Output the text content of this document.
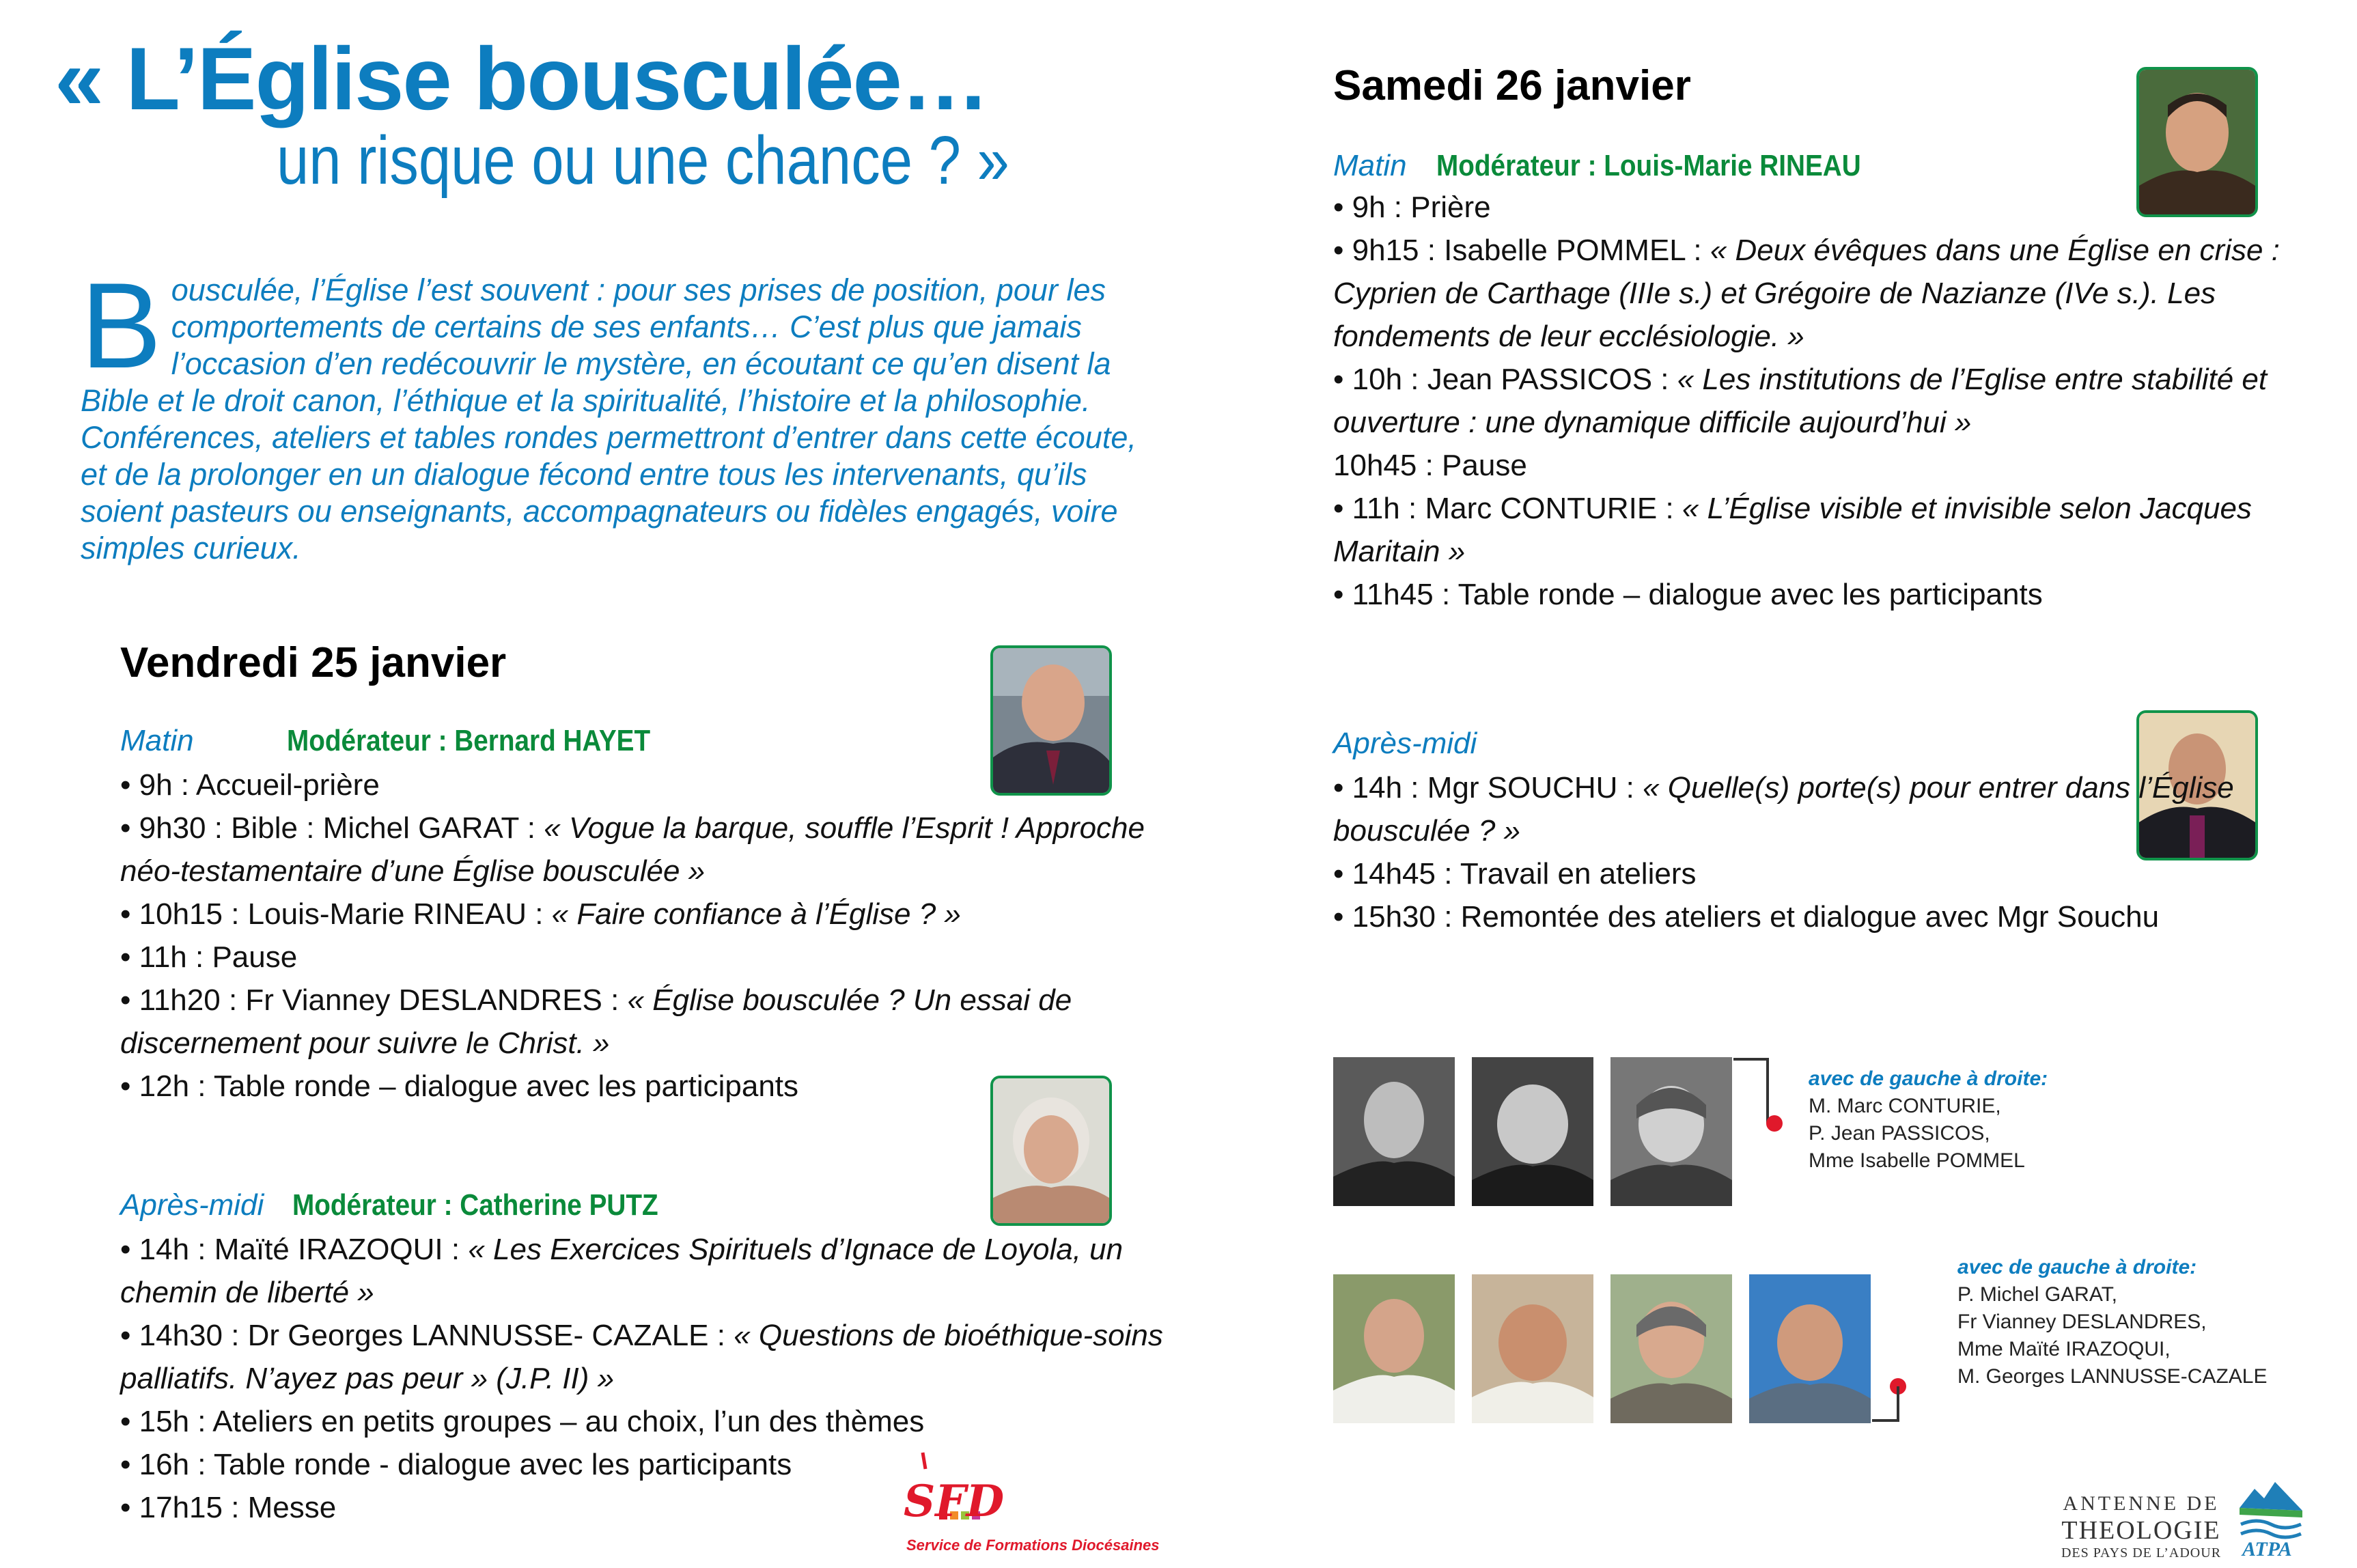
« L’Église bousculée…
un risque ou une chance ? »
B ousculée, l’Église l’est souvent : pour ses prises de position, pour les comportements de certains de ses enfants… C’est plus que jamais l’occasion d’en redécouvrir le mystère, en écoutant ce qu’en disent la Bible et le droit canon, l’éthique et la spiritualité, l’histoire et la philosophie. Conférences, ateliers et tables rondes permettront d’entrer dans cette écoute, et de la prolonger en un dialogue fécond entre tous les intervenants, qu’ils soient pasteurs ou enseignants, accompagnateurs ou fidèles engagés, voire simples curieux.
Vendredi 25 janvier
Matin	Modérateur : Bernard HAYET
• 9h : Accueil-prière
• 9h30 : Bible : Michel GARAT : « Vogue la barque, souffle l’Esprit ! Approche néo-testamentaire d’une Église bousculée »
• 10h15 : Louis-Marie RINEAU : « Faire confiance à l’Église ? »
• 11h : Pause
• 11h20 : Fr Vianney DESLANDRES : « Église bousculée ? Un essai de discernement pour suivre le Christ. »
• 12h : Table ronde – dialogue avec les participants
Après-midi Modérateur : Catherine PUTZ
• 14h : Maïté IRAZOQUI : « Les Exercices Spirituels d’Ignace de Loyola, un chemin de liberté »
• 14h30 : Dr Georges LANNUSSE- CAZALE : « Questions de bioéthique-soins palliatifs. N’ayez pas peur » (J.P. II) »
• 15h : Ateliers en petits groupes – au choix, l’un des thèmes
• 16h : Table ronde - dialogue avec les participants
• 17h15 : Messe	SFD
Service de Formations Diocésaines
Samedi 26 janvier
Matin Modérateur : Louis-Marie RINEAU
• 9h : Prière
• 9h15 : Isabelle POMMEL : « Deux évêques dans une Église en crise : Cyprien de Carthage (IIIe s.) et Grégoire de Nazianze (IVe s.). Les fondements de leur ecclésiologie. »
• 10h : Jean PASSICOS : « Les institutions de l’Eglise entre stabilité et ouverture : une dynamique difficile aujourd’hui »
10h45 : Pause
• 11h : Marc CONTURIE : « L’Église visible et invisible selon Jacques Maritain »
• 11h45 : Table ronde – dialogue avec les participants
Après-midi
• 14h : Mgr SOUCHU : « Quelle(s) porte(s) pour entrer dans l’Église bousculée ? »
• 14h45 : Travail en ateliers
• 15h30 : Remontée des ateliers et dialogue avec Mgr Souchu
avec de gauche à droite:
M. Marc CONTURIE,
P. Jean PASSICOS,
Mme Isabelle POMMEL
avec de gauche à droite:
P. Michel GARAT,
Fr Vianney DESLANDRES,
Mme Maïté IRAZOQUI,
M. Georges LANNUSSE-CAZALE
ANTENNE DE
THEOLOGIE
DES PAYS DE L’ADOUR	ATPA
